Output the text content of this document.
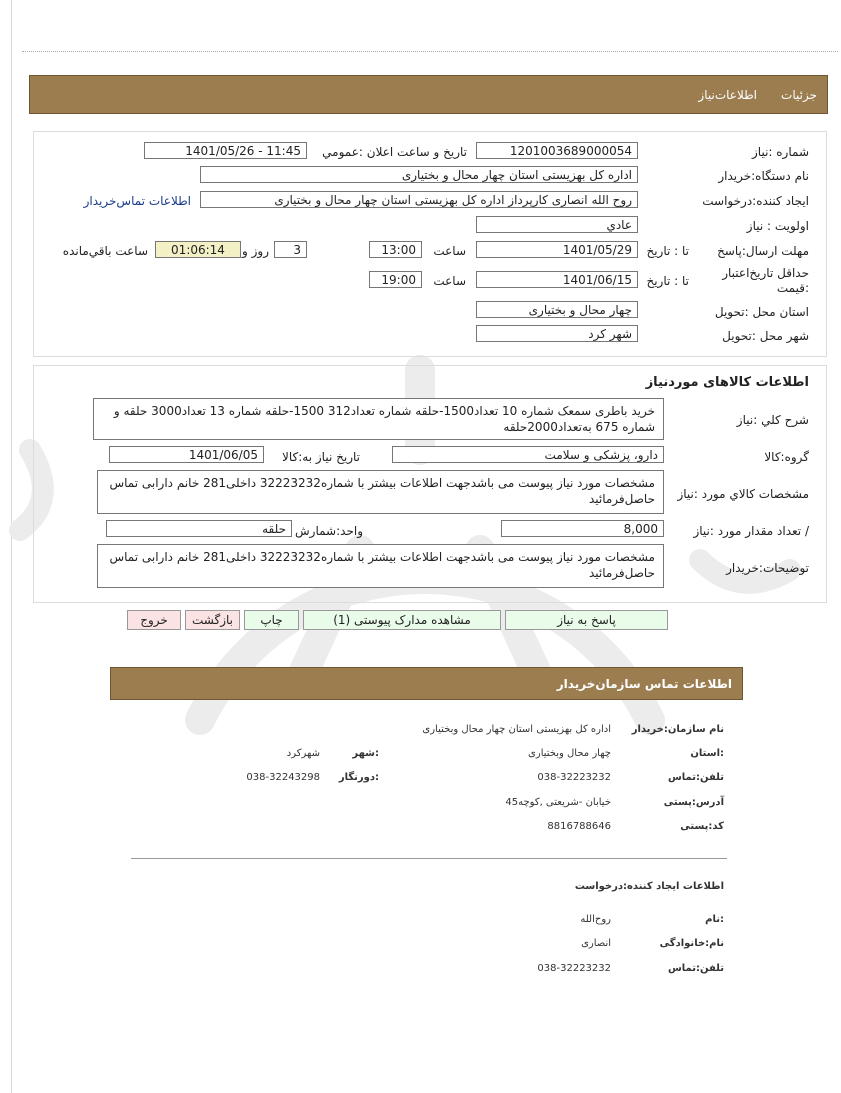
جزئیات
اطلاعات‌نیاز
شماره :نیاز
1201003689000054
تاریخ و ساعت اعلان :عمومي
1401/05/26 - 11:45
نام دستگاه:خریدار
اداره کل بهزیستی استان چهار محال و بختیاری
ایجاد کننده:درخواست
روح الله انصاری کارپرداز اداره کل بهزیستی استان چهار محال و بختیاری
اطلاعات تماس‌خریدار
اولویت : نیاز
عادي
مهلت ارسال:پاسخ
تا : تاریخ
1401/05/29
ساعت
13:00
3
روز و
01:06:14
ساعت باقي‌مانده
حداقل تاریخ‌اعتبار
:قیمت
تا : تاریخ
1401/06/15
ساعت
19:00
استان محل :تحویل
چهار محال و بختیاری
شهر محل :تحویل
شهر کرد
اطلاعات کالاهای موردنیاز
شرح کلي :نیاز
خرید باطری سمعک شماره 10 تعداد1500-حلقه شماره تعداد312 1500-حلقه شماره 13 تعداد3000 حلقه و شماره 675 به‌تعداد2000حلقه
گروه:کالا
دارو، پزشکی و سلامت
تاریخ نیاز به:کالا
1401/06/05
مشخصات کالاي مورد :نیاز
مشخصات مورد نیاز پیوست می باشدجهت اطلاعات بیشتر با شماره32223232 داخلی281 خانم دارابی تماس حاصل‌فرمائید
/ تعداد مقدار مورد :نیاز
8,000
واحد:شمارش
حلقه
توضیحات:خریدار
مشخصات مورد نیاز پیوست می باشدجهت اطلاعات بیشتر با شماره32223232 داخلی281 خانم دارابی تماس حاصل‌فرمائید
پاسخ به نیاز
مشاهده مدارک پیوستی (1)
چاپ
بازگشت
خروج
اطلاعات تماس سازمان‌خریدار
نام سازمان:خریدار
اداره کل بهزیستی استان چهار محال و‌بختیاری
:استان
چهار محال و‌بختیاری
:شهر
شهرکرد
تلفن:تماس
038-32223232
:دورنگار
038-32243298
آدرس:پستی
خیابان -شریعتی ,کوچه45
کد:پستی
8816788646
اطلاعات ایجاد کننده:درخواست
:نام
روح‌الله
نام:خانوادگی
انصاری
تلفن:تماس
038-32223232
